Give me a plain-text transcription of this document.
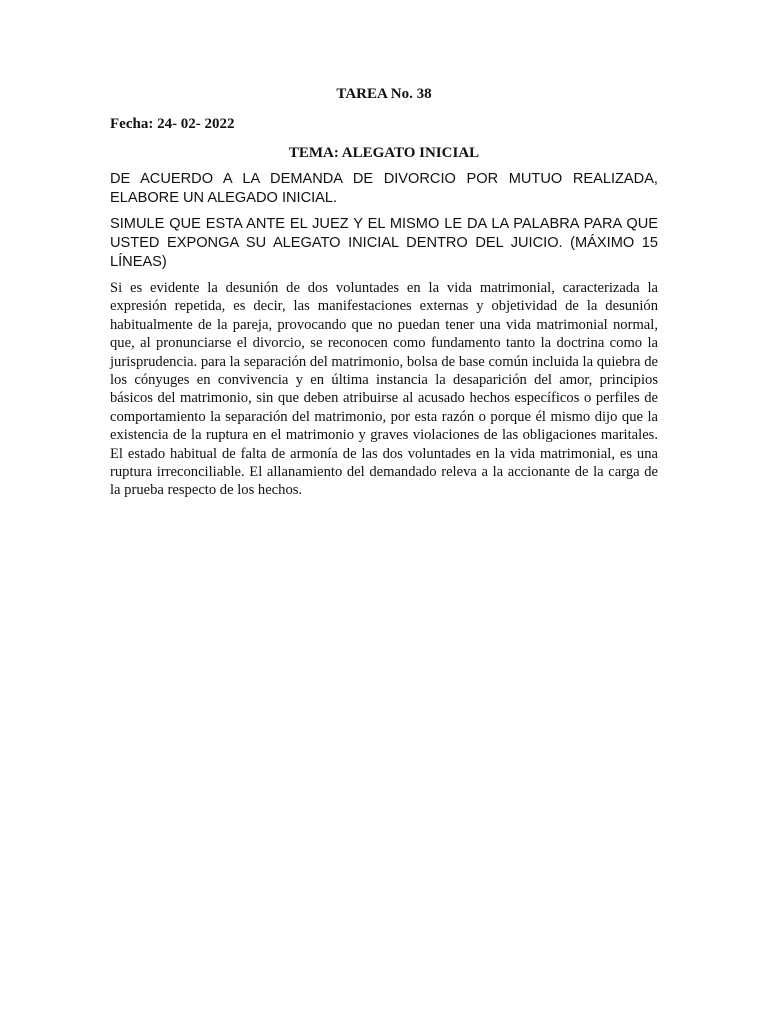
TAREA No. 38
Fecha: 24- 02- 2022
TEMA: ALEGATO INICIAL

DE ACUERDO A LA DEMANDA DE DIVORCIO POR MUTUO REALIZADA, ELABORE UN ALEGADO INICIAL.

SIMULE QUE ESTA ANTE EL JUEZ Y EL MISMO LE DA LA PALABRA PARA QUE USTED EXPONGA SU ALEGATO INICIAL DENTRO DEL JUICIO. (MÁXIMO 15 LÍNEAS)

Si es evidente la desunión de dos voluntades en la vida matrimonial, caracterizada la expresión repetida, es decir, las manifestaciones externas y objetividad de la desunión habitualmente de la pareja, provocando que no puedan tener una vida matrimonial normal, que, al pronunciarse el divorcio, se reconocen como fundamento tanto la doctrina como la jurisprudencia. para la separación del matrimonio, bolsa de base común incluida la quiebra de los cónyuges en convivencia y en última instancia la desaparición del amor, principios básicos del matrimonio, sin que deben atribuirse al acusado hechos específicos o perfiles de comportamiento la separación del matrimonio, por esta razón o porque él mismo dijo que la existencia de la ruptura en el matrimonio y graves violaciones de las obligaciones maritales. El estado habitual de falta de armonía de las dos voluntades en la vida matrimonial, es una ruptura irreconciliable. El allanamiento del demandado releva a la accionante de la carga de la prueba respecto de los hechos.
